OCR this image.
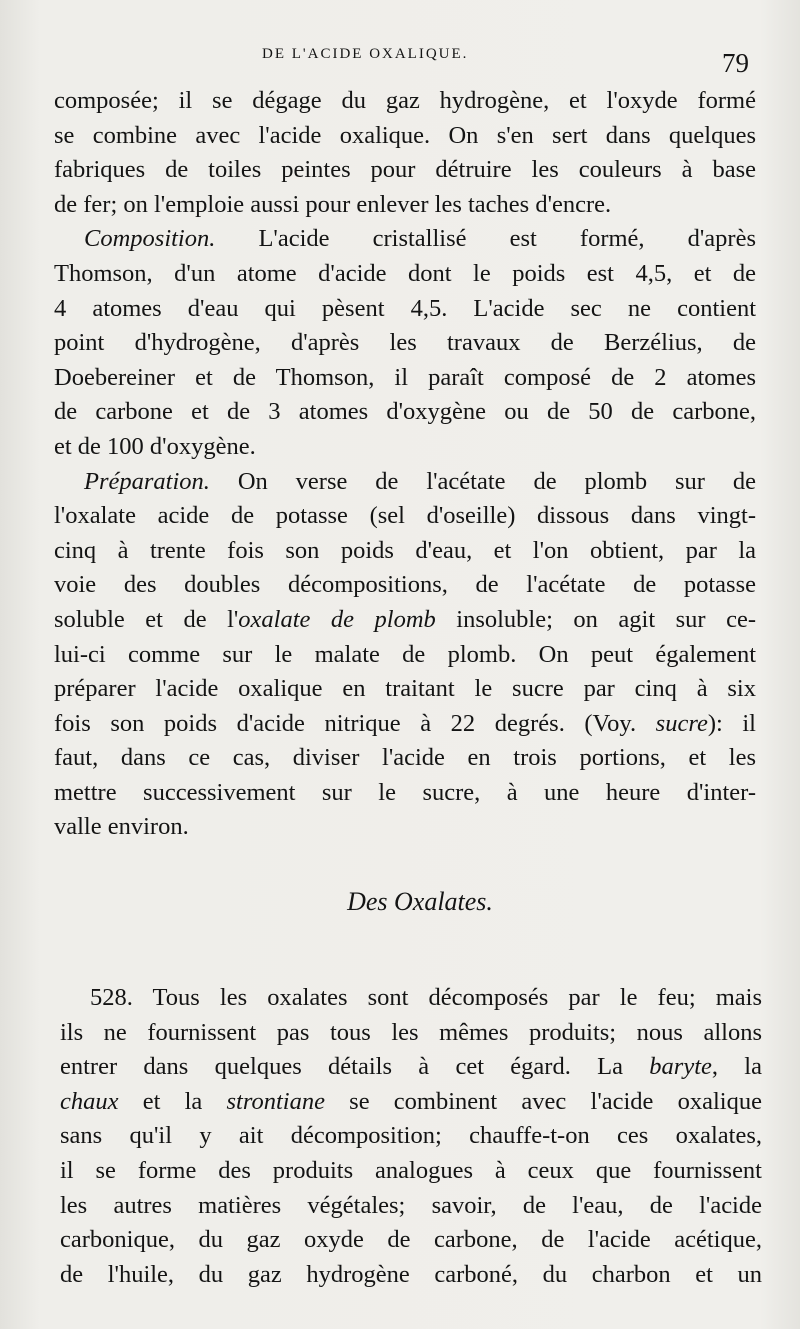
DE L'ACIDE OXALIQUE.	79
composée; il se dégage du gaz hydrogène, et l'oxyde formé
se combine avec l'acide oxalique. On s'en sert dans quelques
fabriques de toiles peintes pour détruire les couleurs à base
de fer; on l'emploie aussi pour enlever les taches d'encre.
Composition. L'acide cristallisé est formé, d'après
Thomson, d'un atome d'acide dont le poids est 4,5, et de
4 atomes d'eau qui pèsent 4,5. L'acide sec ne contient
point d'hydrogène, d'après les travaux de Berzélius, de
Doebereiner et de Thomson, il paraît composé de 2 atomes
de carbone et de 3 atomes d'oxygène ou de 50 de carbone,
et de 100 d'oxygène.
Préparation. On verse de l'acétate de plomb sur de
l'oxalate acide de potasse (sel d'oseille) dissous dans vingt-
cinq à trente fois son poids d'eau, et l'on obtient, par la
voie des doubles décompositions, de l'acétate de potasse
soluble et de l'oxalate de plomb insoluble; on agit sur ce-
lui-ci comme sur le malate de plomb. On peut également
préparer l'acide oxalique en traitant le sucre par cinq à six
fois son poids d'acide nitrique à 22 degrés. (Voy. sucre): il
faut, dans ce cas, diviser l'acide en trois portions, et les
mettre successivement sur le sucre, à une heure d'inter-
valle environ.
Des Oxalates.
528. Tous les oxalates sont décomposés par le feu; mais
ils ne fournissent pas tous les mêmes produits; nous allons
entrer dans quelques détails à cet égard. La baryte, la
chaux et la strontiane se combinent avec l'acide oxalique
sans qu'il y ait décomposition; chauffe-t-on ces oxalates,
il se forme des produits analogues à ceux que fournissent
les autres matières végétales; savoir, de l'eau, de l'acide
carbonique, du gaz oxyde de carbone, de l'acide acétique,
de l'huile, du gaz hydrogène carboné, du charbon et un
